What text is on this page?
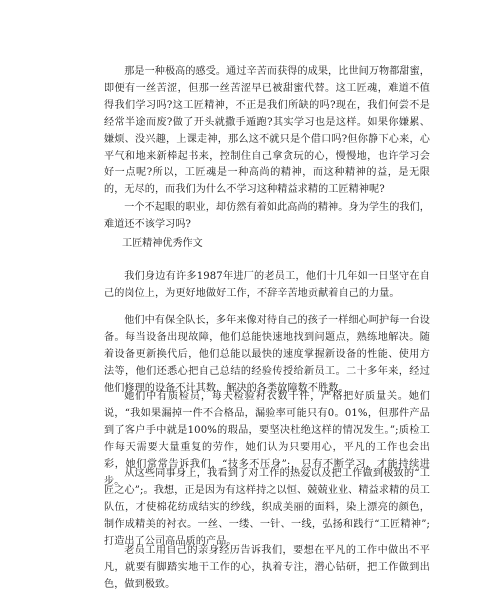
那是一种极高的感受。通过辛苦而获得的成果，比世间万物都甜蜜，即便有一丝苦涩，但那一丝苦涩早已被甜蜜代替。这工匠魂，难道不值得我们学习吗?这工匠精神，不正是我们所缺的吗?现在，我们何尝不是经常半途而废?做了开头就撒手遁跑?其实学习也是这样。如果你嫌累、嫌烦、没兴趣，上课走神，那么这不就只是个借口吗?但你静下心来，心平气和地来新棒起书来，控制住自己拿贪玩的心，慢慢地，也许学习会好一点呢?所以，工匠魂是一种高尚的精神，而这种精神的益，是无限的，无尽的，而我们为什么不学习这种精益求精的工匠精神呢?

一个不起眼的职业，却仿然有着如此高尚的精神。身为学生的我们，难道还不该学习吗?

工匠精神优秀作文

我们身边有许多1987年进厂的老员工，他们十几年如一日坚守在自己的岗位上，为更好地做好工作，不辞辛苦地贡献着自己的力量。

他们中有保全队长，多年来像对待自己的孩子一样细心呵护每一台设备。每当设备出现故障，他们总能快速地找到问题点，熟练地解决。随着设备更新换代后，他们总能以最快的速度掌握新设备的性能、使用方法等，他们还悉心把自己总结的经验传授给新员工。二十多年来，经过他们修理的设备不计其数，解决的各类故障数不胜数。

她们中有质检员，每天检验衬衣数千件，严格把好质量关。她们说，“我如果漏掉一件不合格品，漏验率可能只有0。01%，但那件产品到了客户手中就是100%的瑕品，要坚决杜绝这样的情况发生。”;质检工作每天需要大量重复的劳作，她们认为只要用心，平凡的工作也会出彩，她们常常告诉我们，“技多不压身”;，只有不断学习，才能持续进步。

从这些同事身上，我看到了对工作的热爱以及把工作做到极致的“工匠之心”;。我想，正是因为有这样持之以恒、兢兢业业、精益求精的员工队伍，才使棉花纺成结实的纱线，织成美丽的面料，染上漂亮的颜色，制作成精美的衬衣。一丝、一缕、一针、一线，弘扬和践行“工匠精神”;打造出了公司高品质的产品。

老员工用自己的亲身经历告诉我们，要想在平凡的工作中做出不平凡，就要有脚踏实地干工作的心，执着专注，潜心钻研，把工作做到出色，做到极致。
